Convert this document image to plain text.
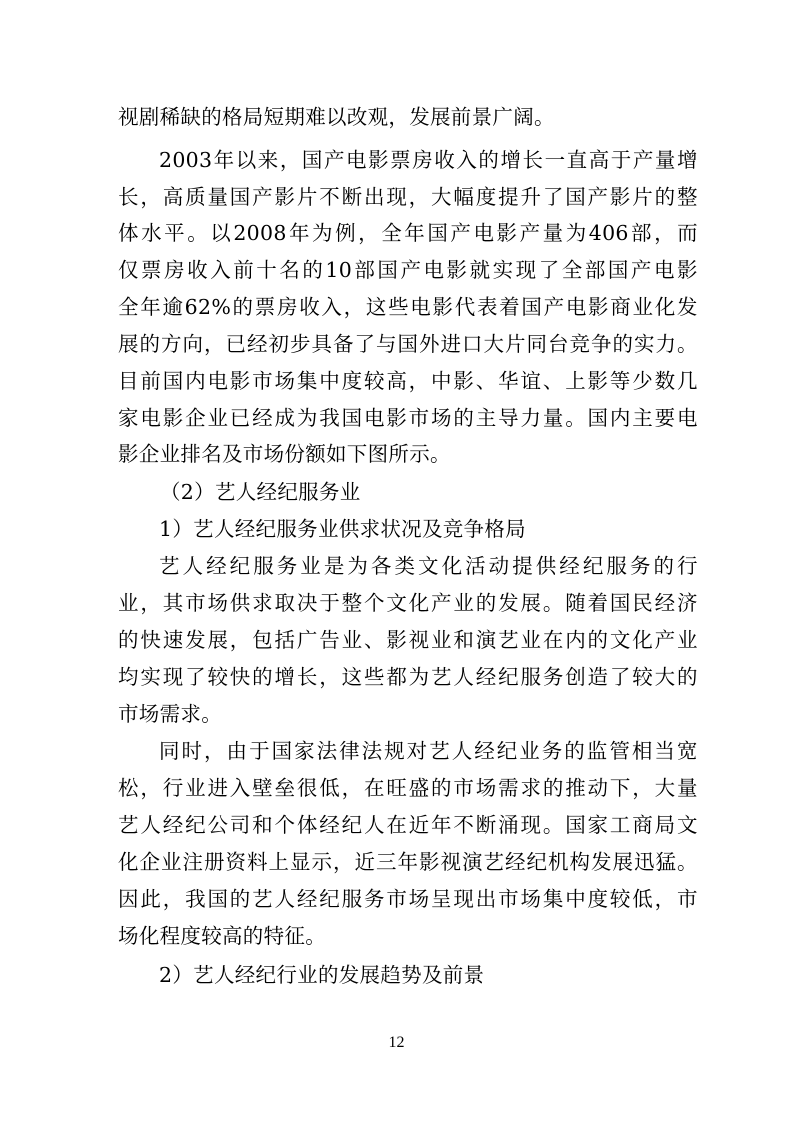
视剧稀缺的格局短期难以改观，发展前景广阔。
2003 年 以 来 ， 国 产 电 影 票 房 收 入 的 增 长 一 直 高 于 产 量 增
长 ， 高 质 量 国 产 影 片 不 断 出 现 ， 大 幅 度 提 升 了 国 产 影 片 的 整
体 水 平 。 以 2008 年 为 例 ， 全 年 国 产 电 影 产 量 为 406 部 ， 而
仅 票 房 收 入 前 十 名 的 10 部 国 产 电 影 就 实 现 了 全 部 国 产 电 影
全 年 逾 62% 的 票 房 收 入 ， 这 些 电 影 代 表 着 国 产 电 影 商 业 化 发
展 的 方 向 ， 已 经 初 步 具 备 了 与 国 外 进 口 大 片 同 台 竞 争 的 实 力 。
目 前 国 内 电 影 市 场 集 中 度 较 高 ， 中 影 、 华 谊 、 上 影 等 少 数 几
家 电 影 企 业 已 经 成 为 我 国 电 影 市 场 的 主 导 力 量 。 国 内 主 要 电
影企业排名及市场份额如下图所示。
（2）艺人经纪服务业
1）艺人经纪服务业供求状况及竞争格局
艺 人 经 纪 服 务 业 是 为 各 类 文 化 活 动 提 供 经 纪 服 务 的 行
业 ， 其 市 场 供 求 取 决 于 整 个 文 化 产 业 的 发 展 。 随 着 国 民 经 济
的 快 速 发 展 ， 包 括 广 告 业 、 影 视 业 和 演 艺 业 在 内 的 文 化 产 业
均 实 现 了 较 快 的 增 长 ， 这 些 都 为 艺 人 经 纪 服 务 创 造 了 较 大 的
市场需求。
同 时 ， 由 于 国 家 法 律 法 规 对 艺 人 经 纪 业 务 的 监 管 相 当 宽
松 ， 行 业 进 入 壁 垒 很 低 ， 在 旺 盛 的 市 场 需 求 的 推 动 下 ， 大 量
艺 人 经 纪 公 司 和 个 体 经 纪 人 在 近 年 不 断 涌 现 。 国 家 工 商 局 文
化 企 业 注 册 资 料 上 显 示 ， 近 三 年 影 视 演 艺 经 纪 机 构 发 展 迅 猛 。
因 此 ， 我 国 的 艺 人 经 纪 服 务 市 场 呈 现 出 市 场 集 中 度 较 低 ， 市
场化程度较高的特征。
2）艺人经纪行业的发展趋势及前景
12
